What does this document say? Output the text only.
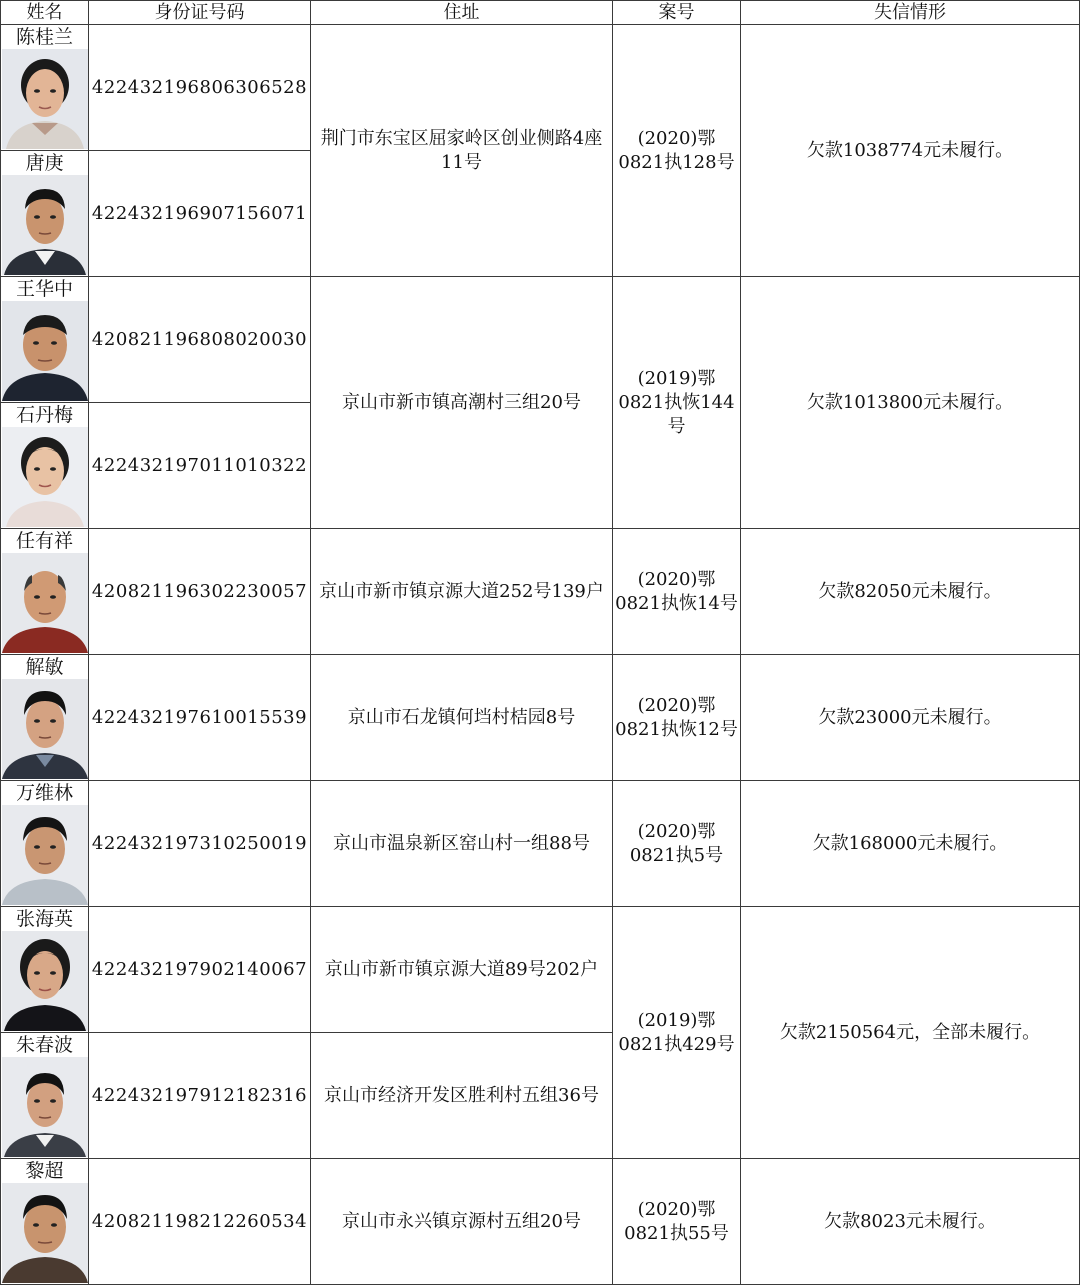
姓名	身份证号码	住址	案号	失信情形

陈桂兰	422432196806306528	荆门市东宝区屈家岭区创业侧路4座11号	(2020)鄂0821执128号	欠款1038774元未履行。

唐庚	422432196907156071			

王华中	420821196808020030	京山市新市镇高潮村三组20号	(2019)鄂0821执恢144号	欠款1013800元未履行。

石丹梅	422432197011010322			

任有祥	420821196302230057	京山市新市镇京源大道252号139户	(2020)鄂0821执恢14号	欠款82050元未履行。

解敏	422432197610015539	京山市石龙镇何垱村桔园8号	(2020)鄂0821执恢12号	欠款23000元未履行。

万维林	422432197310250019	京山市温泉新区窑山村一组88号	(2020)鄂0821执5号	欠款168000元未履行。

张海英	422432197902140067	京山市新市镇京源大道89号202户	(2019)鄂0821执429号	欠款2150564元，全部未履行。

朱春波	422432197912182316	京山市经济开发区胜利村五组36号		

黎超	420821198212260534	京山市永兴镇京源村五组20号	(2020)鄂0821执55号	欠款8023元未履行。
